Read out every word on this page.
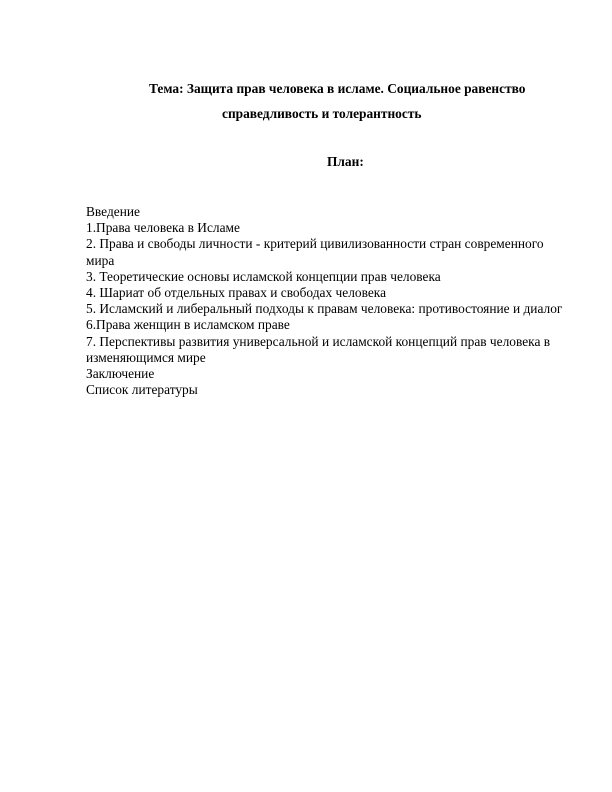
Тема: Защита прав человека в исламе. Социальное равенство
справедливость и толерантность
План:
Введение
1.Права человека в Исламе
2. Права и свободы личности - критерий цивилизованности стран современного мира
3. Теоретические основы исламской концепции прав человека
4. Шариат об отдельных правах и свободах человека
5. Исламский и либеральный подходы к правам человека: противостояние и диалог
6.Права женщин в исламском праве
7. Перспективы развития универсальной и исламской концепций прав человека в изменяющимся мире
Заключение
Список литературы
